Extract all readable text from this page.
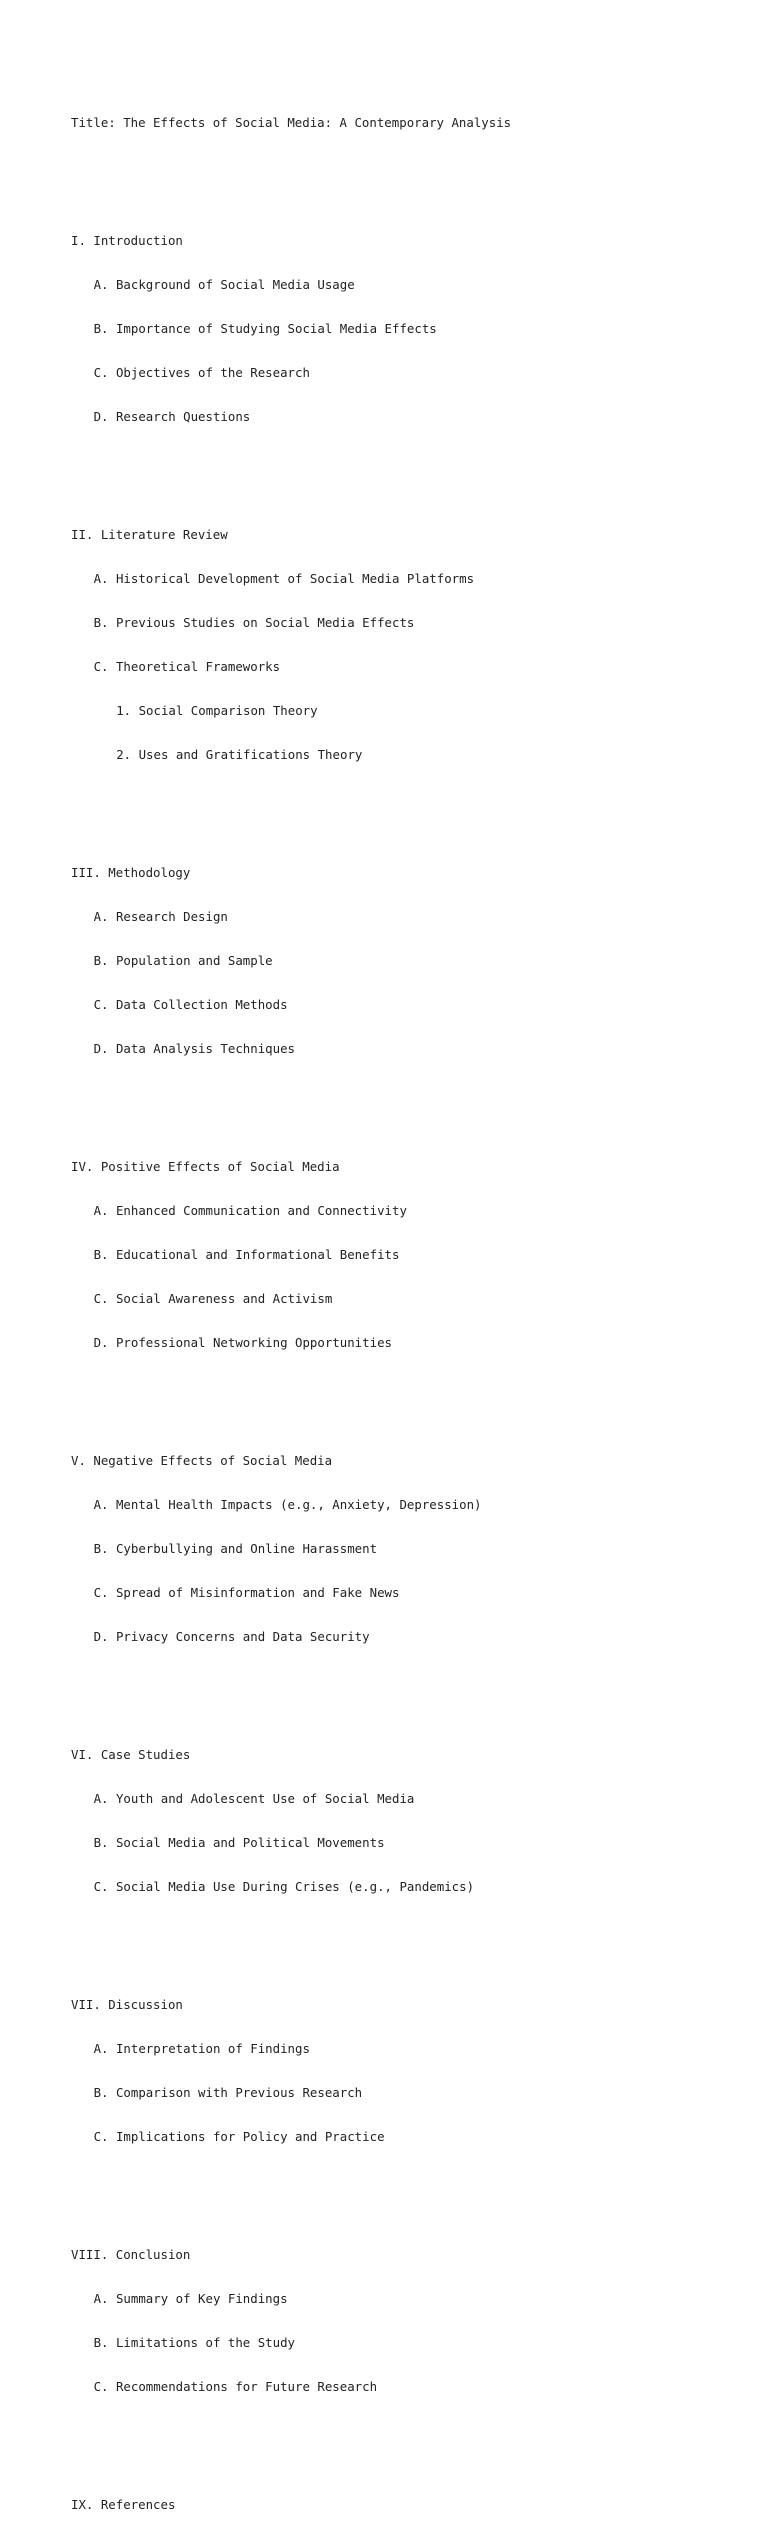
Title: The Effects of Social Media: A Contemporary Analysis

I. Introduction

A. Background of Social Media Usage

B. Importance of Studying Social Media Effects

C. Objectives of the Research

D. Research Questions

II. Literature Review

A. Historical Development of Social Media Platforms

B. Previous Studies on Social Media Effects

C. Theoretical Frameworks

1. Social Comparison Theory

2. Uses and Gratifications Theory

III. Methodology

A. Research Design

B. Population and Sample

C. Data Collection Methods

D. Data Analysis Techniques

IV. Positive Effects of Social Media

A. Enhanced Communication and Connectivity

B. Educational and Informational Benefits

C. Social Awareness and Activism

D. Professional Networking Opportunities

V. Negative Effects of Social Media

A. Mental Health Impacts (e.g., Anxiety, Depression)

B. Cyberbullying and Online Harassment

C. Spread of Misinformation and Fake News

D. Privacy Concerns and Data Security

VI. Case Studies

A. Youth and Adolescent Use of Social Media

B. Social Media and Political Movements

C. Social Media Use During Crises (e.g., Pandemics)

VII. Discussion

A. Interpretation of Findings

B. Comparison with Previous Research

C. Implications for Policy and Practice

VIII. Conclusion

A. Summary of Key Findings

B. Limitations of the Study

C. Recommendations for Future Research

IX. References
